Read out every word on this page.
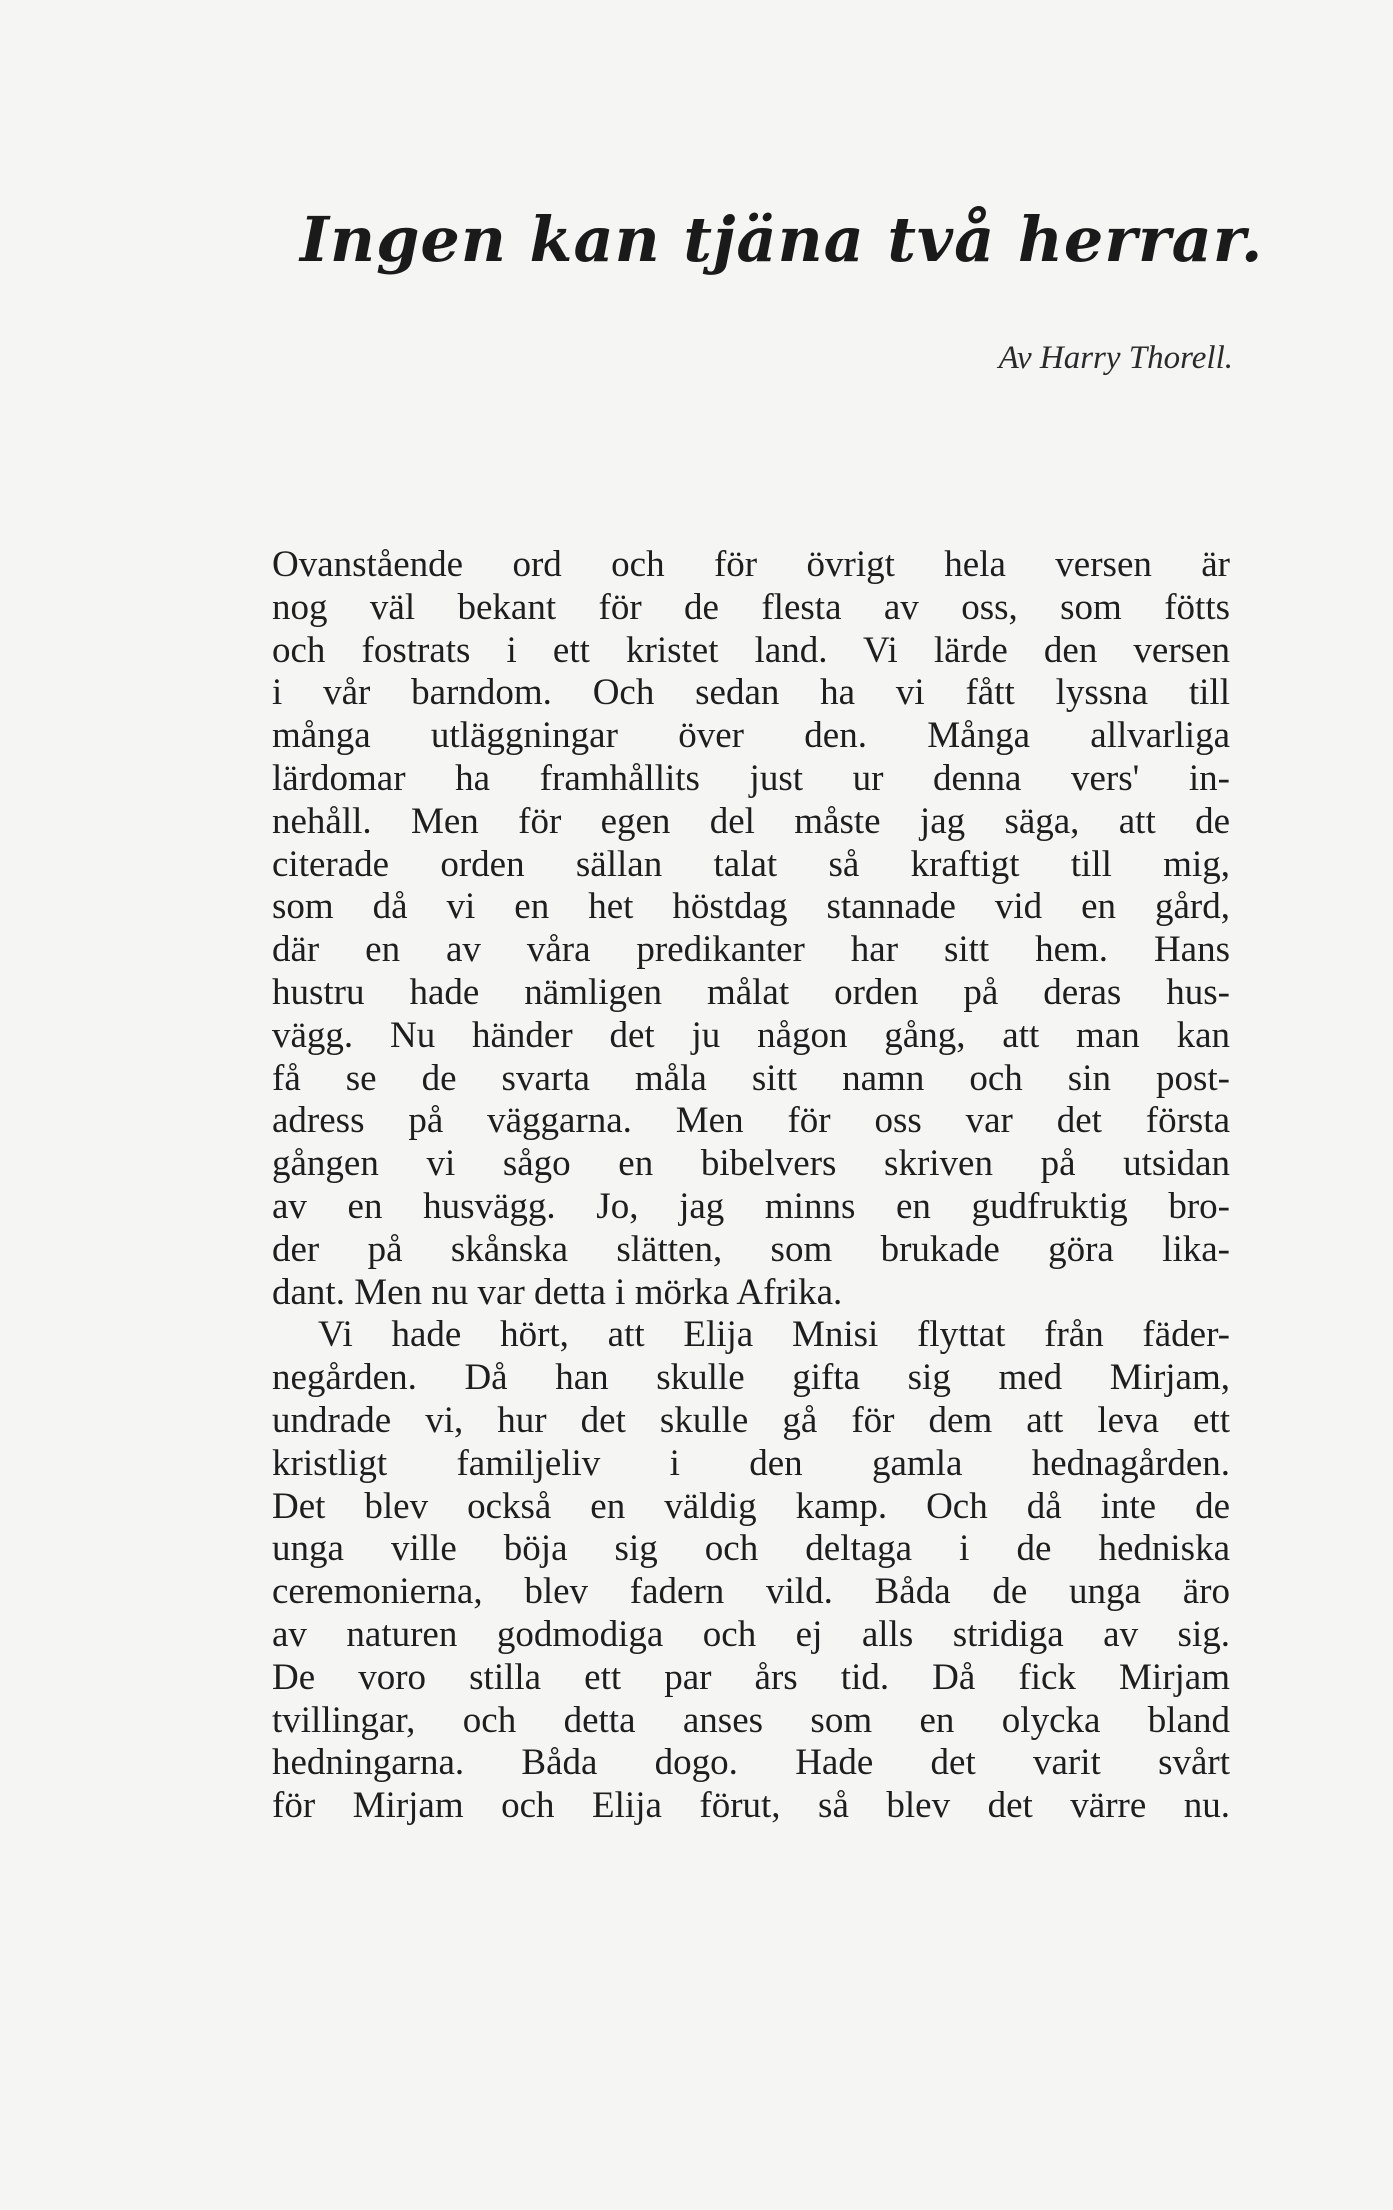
Ingen kan tjäna två herrar.
Av Harry Thorell.
Ovanstående ord och för övrigt hela versen är
nog väl bekant för de flesta av oss, som fötts
och fostrats i ett kristet land. Vi lärde den versen
i vår barndom. Och sedan ha vi fått lyssna till
många utläggningar över den. Många allvarliga
lärdomar ha framhållits just ur denna vers' in-
nehåll. Men för egen del måste jag säga, att de
citerade orden sällan talat så kraftigt till mig,
som då vi en het höstdag stannade vid en gård,
där en av våra predikanter har sitt hem. Hans
hustru hade nämligen målat orden på deras hus-
vägg. Nu händer det ju någon gång, att man kan
få se de svarta måla sitt namn och sin post-
adress på väggarna. Men för oss var det första
gången vi sågo en bibelvers skriven på utsidan
av en husvägg. Jo, jag minns en gudfruktig bro-
der på skånska slätten, som brukade göra lika-
dant. Men nu var detta i mörka Afrika.
Vi hade hört, att Elija Mnisi flyttat från fäder-
negården. Då han skulle gifta sig med Mirjam,
undrade vi, hur det skulle gå för dem att leva ett
kristligt familjeliv i den gamla hednagården.
Det blev också en väldig kamp. Och då inte de
unga ville böja sig och deltaga i de hedniska
ceremonierna, blev fadern vild. Båda de unga äro
av naturen godmodiga och ej alls stridiga av sig.
De voro stilla ett par års tid. Då fick Mirjam
tvillingar, och detta anses som en olycka bland
hedningarna. Båda dogo. Hade det varit svårt
för Mirjam och Elija förut, så blev det värre nu.
